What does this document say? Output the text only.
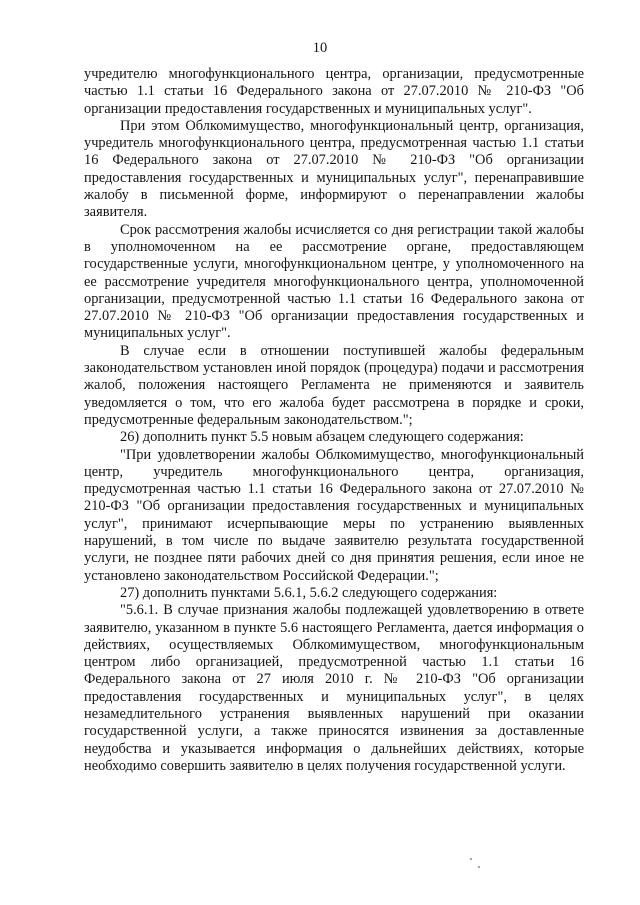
10

учредителю многофункционального центра, организации, предусмотренные частью 1.1 статьи 16 Федерального закона от 27.07.2010 № 210-ФЗ "Об организации предоставления государственных и муниципальных услуг".

При этом Облкомимущество, многофункциональный центр, организация, учредитель многофункционального центра, предусмотренная частью 1.1 статьи 16 Федерального закона от 27.07.2010 № 210-ФЗ "Об организации предоставления государственных и муниципальных услуг", перенаправившие жалобу в письменной форме, информируют о перенаправлении жалобы заявителя.

Срок рассмотрения жалобы исчисляется со дня регистрации такой жалобы в уполномоченном на ее рассмотрение органе, предоставляющем государственные услуги, многофункциональном центре, у уполномоченного на ее рассмотрение учредителя многофункционального центра, уполномоченной организации, предусмотренной частью 1.1 статьи 16 Федерального закона от 27.07.2010 № 210-ФЗ "Об организации предоставления государственных и муниципальных услуг".

В случае если в отношении поступившей жалобы федеральным законодательством установлен иной порядок (процедура) подачи и рассмотрения жалоб, положения настоящего Регламента не применяются и заявитель уведомляется о том, что его жалоба будет рассмотрена в порядке и сроки, предусмотренные федеральным законодательством.";

26) дополнить пункт 5.5 новым абзацем следующего содержания:

"При удовлетворении жалобы Облкомимущество, многофункциональный центр, учредитель многофункционального центра, организация, предусмотренная частью 1.1 статьи 16 Федерального закона от 27.07.2010 № 210-ФЗ "Об организации предоставления государственных и муниципальных услуг", принимают исчерпывающие меры по устранению выявленных нарушений, в том числе по выдаче заявителю результата государственной услуги, не позднее пяти рабочих дней со дня принятия решения, если иное не установлено законодательством Российской Федерации.";

27) дополнить пунктами 5.6.1, 5.6.2 следующего содержания:

"5.6.1. В случае признания жалобы подлежащей удовлетворению в ответе заявителю, указанном в пункте 5.6 настоящего Регламента, дается информация о действиях, осуществляемых Облкомимуществом, многофункциональным центром либо организацией, предусмотренной частью 1.1 статьи 16 Федерального закона от 27 июля 2010 г. № 210-ФЗ "Об организации предоставления государственных и муниципальных услуг", в целях незамедлительного устранения выявленных нарушений при оказании государственной услуги, а также приносятся извинения за доставленные неудобства и указывается информация о дальнейших действиях, которые необходимо совершить заявителю в целях получения государственной услуги.
